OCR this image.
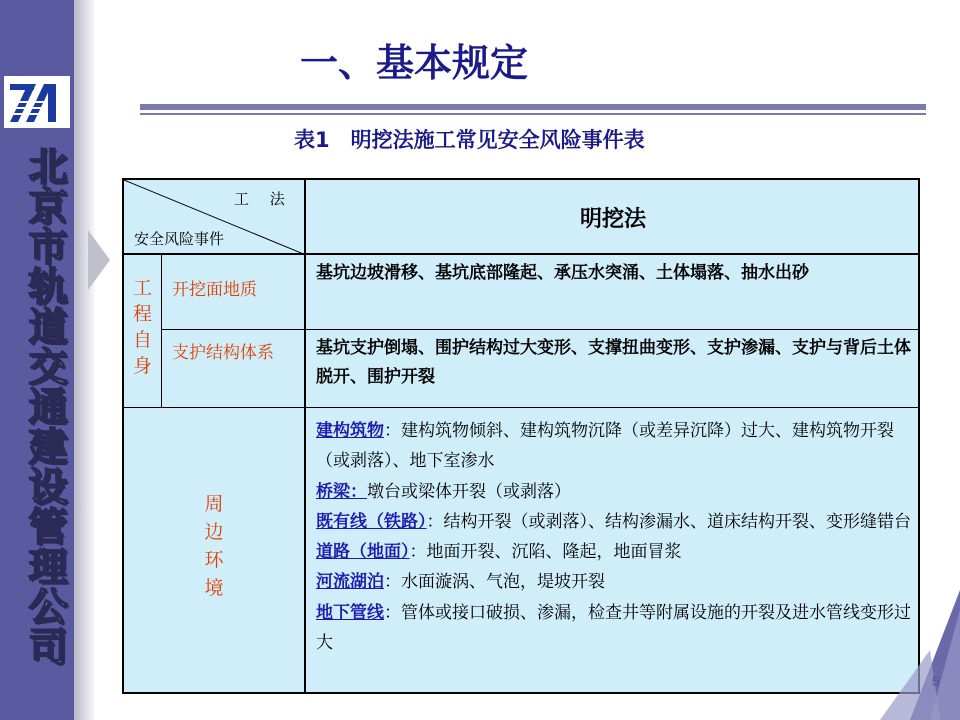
北京市轨道交通建设管理公司
一、基本规定
表1　明挖法施工常见安全风险事件表
工 法
安全风险事件
明挖法
工程自身
开挖面地质
基坑边坡滑移、基坑底部隆起、承压水突涌、土体塌落、抽水出砂
支护结构体系	基坑支护倒塌、围护结构过大变形、支撑扭曲变形、支护渗漏、支护与背后土体脱开、围护开裂
周边环境
建构筑物：建构筑物倾斜、建构筑物沉降（或差异沉降）过大、建构筑物开裂（或剥落）、地下室渗水
桥梁：墩台或梁体开裂（或剥落）
既有线（铁路）：结构开裂（或剥落）、结构渗漏水、道床结构开裂、变形缝错台
道路（地面）：地面开裂、沉陷、隆起，地面冒浆
河流湖泊：水面漩涡、气泡，堤坡开裂
地下管线：管体或接口破损、渗漏，检查井等附属设施的开裂及进水管线变形过大
5
